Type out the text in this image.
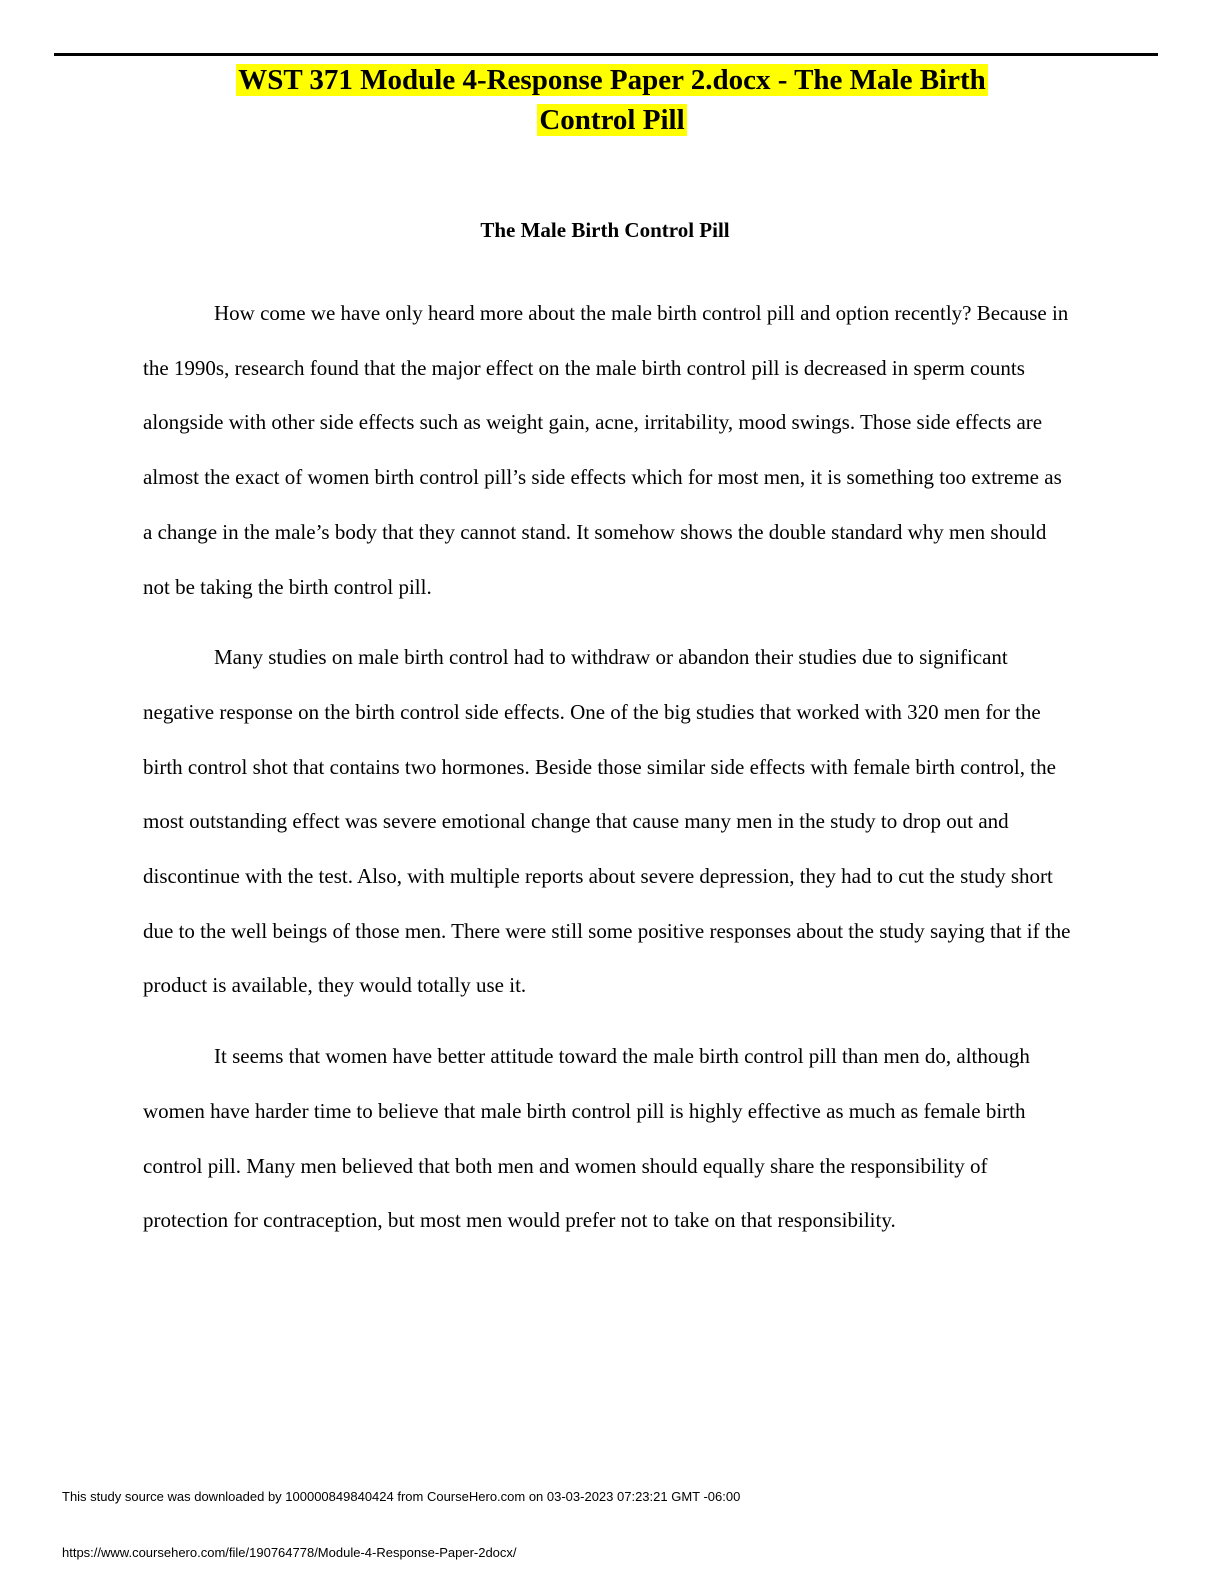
WST 371 Module 4-Response Paper 2.docx - The Male Birth
Control Pill
The Male Birth Control Pill

How come we have only heard more about the male birth control pill and option recently? Because in the 1990s, research found that the major effect on the male birth control pill is decreased in sperm counts alongside with other side effects such as weight gain, acne, irritability, mood swings. Those side effects are almost the exact of women birth control pill’s side effects which for most men, it is something too extreme as a change in the male’s body that they cannot stand. It somehow shows the double standard why men should not be taking the birth control pill.

Many studies on male birth control had to withdraw or abandon their studies due to significant negative response on the birth control side effects. One of the big studies that worked with 320 men for the birth control shot that contains two hormones. Beside those similar side effects with female birth control, the most outstanding effect was severe emotional change that cause many men in the study to drop out and discontinue with the test. Also, with multiple reports about severe depression, they had to cut the study short due to the well beings of those men. There were still some positive responses about the study saying that if the product is available, they would totally use it.

It seems that women have better attitude toward the male birth control pill than men do, although women have harder time to believe that male birth control pill is highly effective as much as female birth control pill. Many men believed that both men and women should equally share the responsibility of protection for contraception, but most men would prefer not to take on that responsibility.

This study source was downloaded by 100000849840424 from CourseHero.com on 03-03-2023 07:23:21 GMT -06:00
https://www.coursehero.com/file/190764778/Module-4-Response-Paper-2docx/
